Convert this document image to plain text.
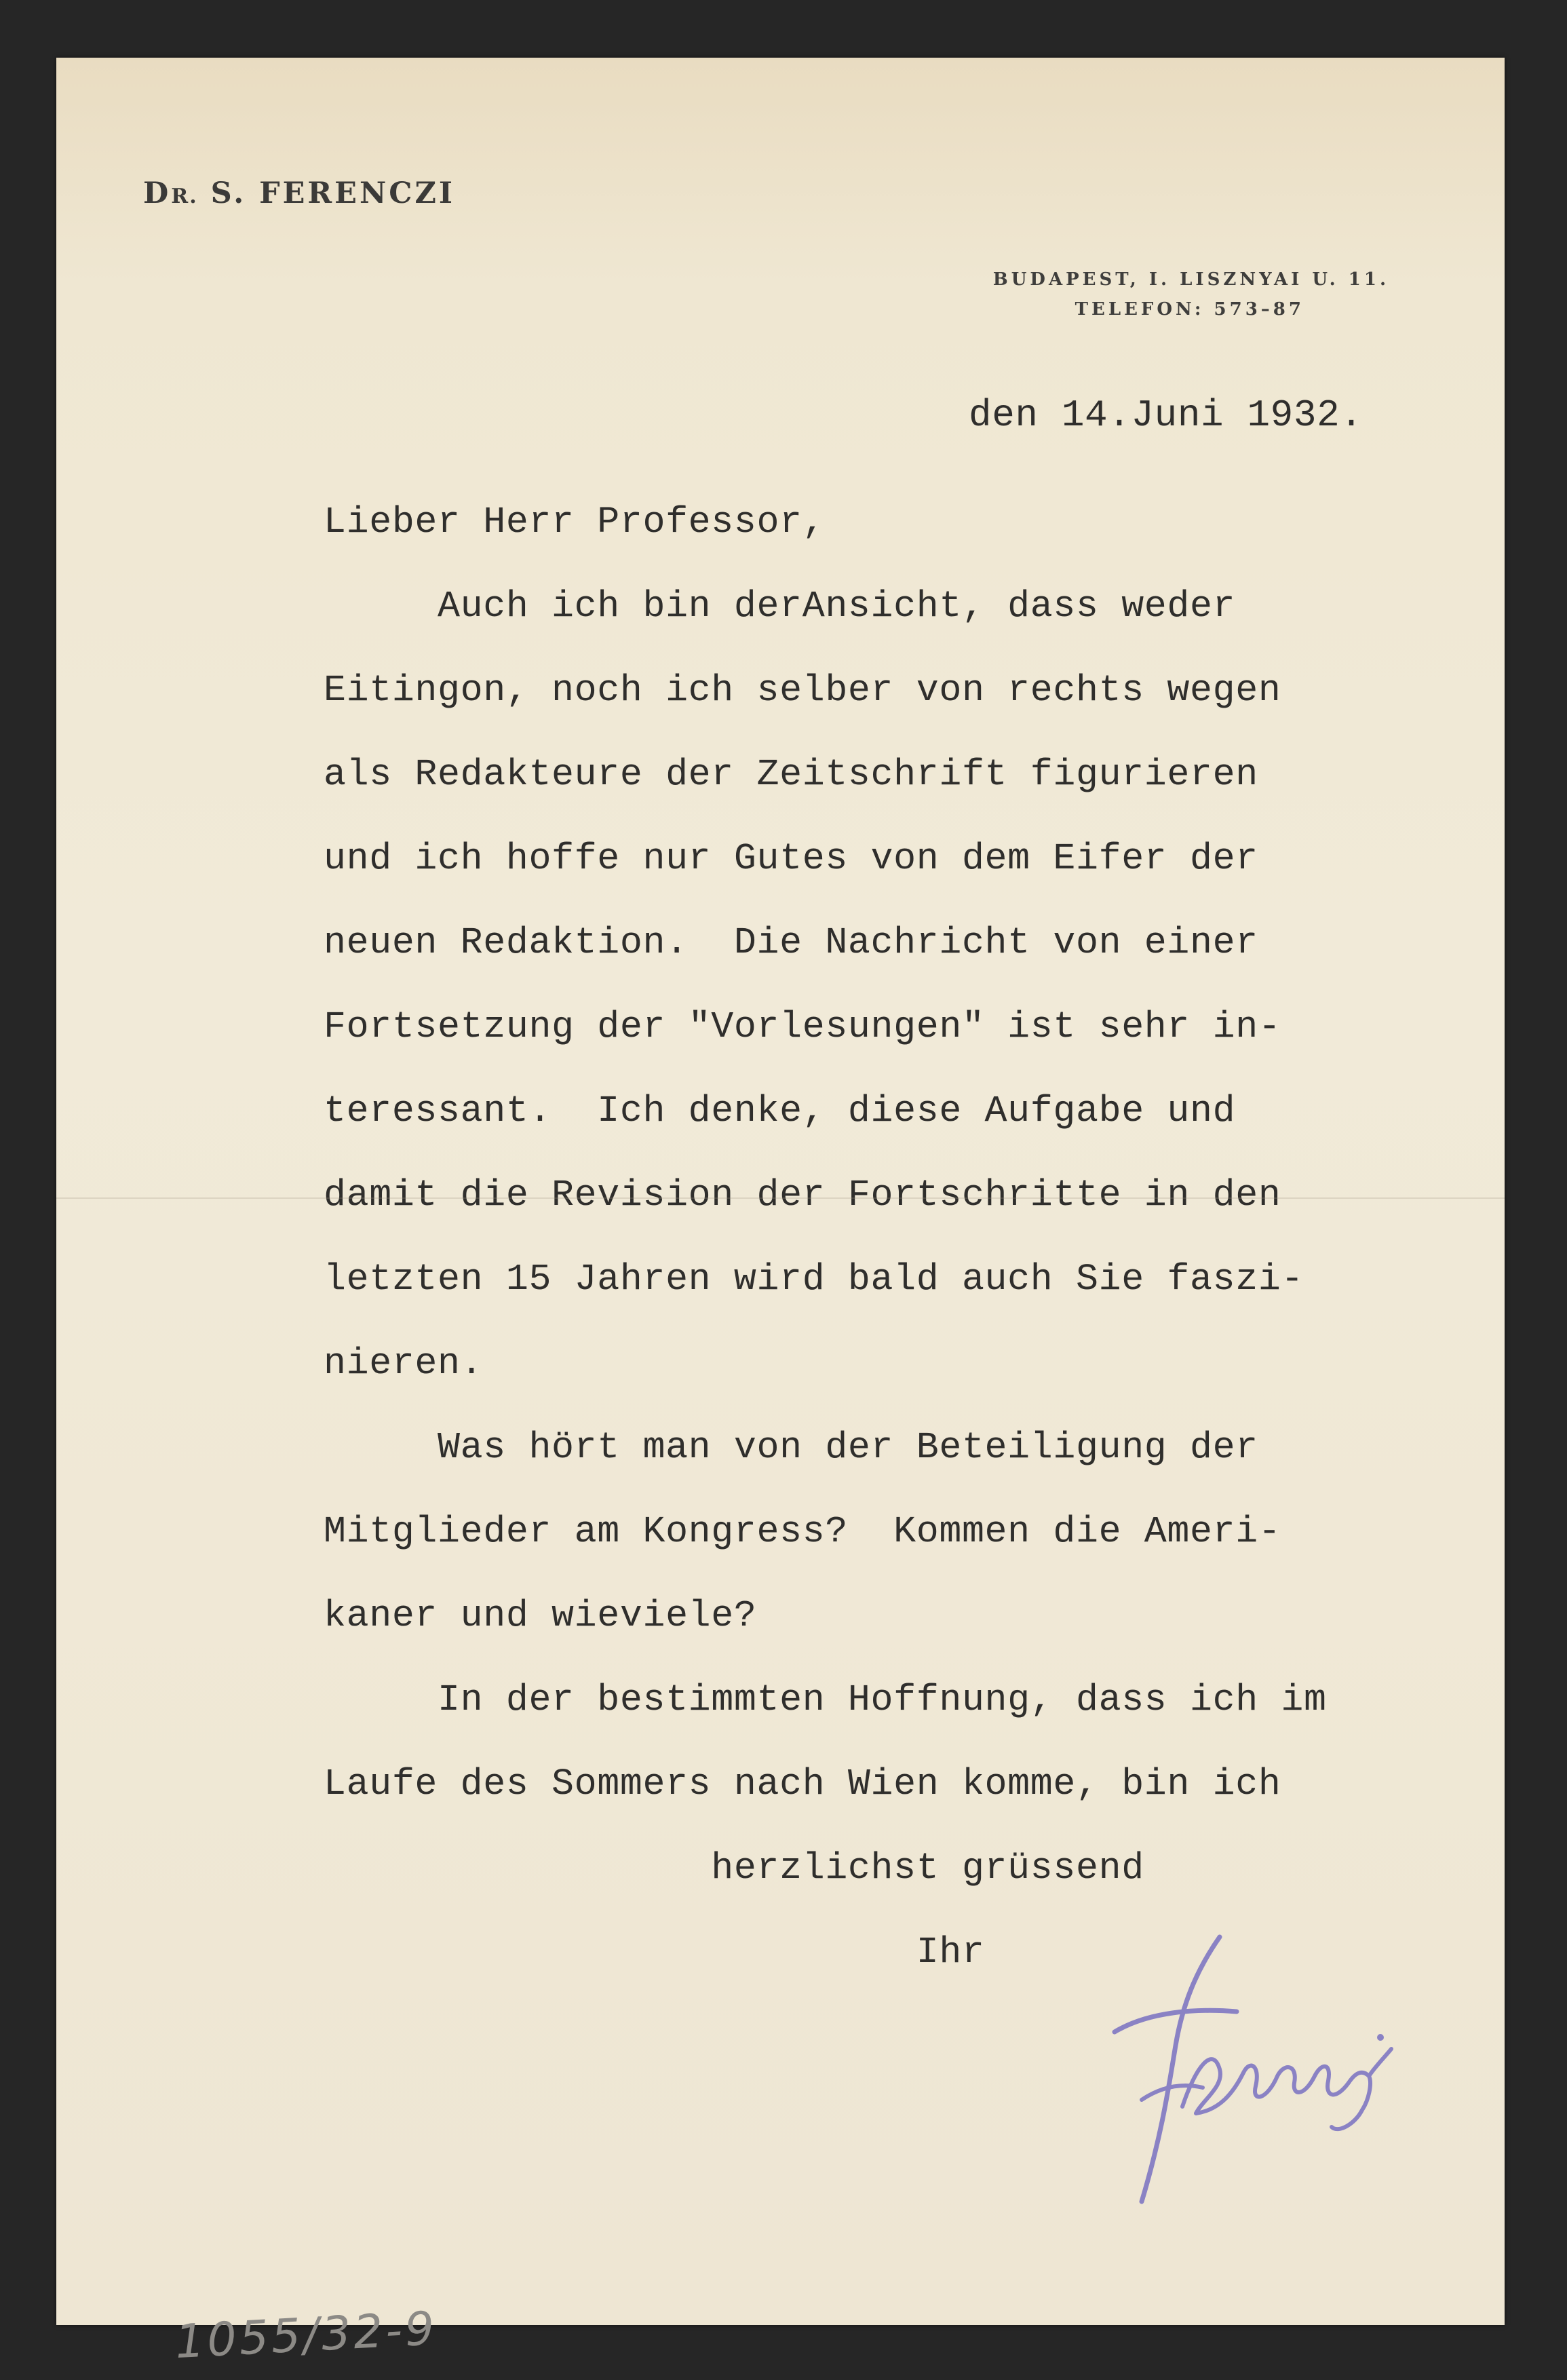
DR. S. FERENCZI
BUDAPEST, I. LISZNYAI U. 11.
TELEFON: 573–87
den 14.Juni 1932.
Lieber Herr Professor,
Auch ich bin derAnsicht, dass weder
Eitingon, noch ich selber von rechts wegen
als Redakteure der Zeitschrift figurieren
und ich hoffe nur Gutes von dem Eifer der
neuen Redaktion.  Die Nachricht von einer
Fortsetzung der "Vorlesungen" ist sehr in-
teressant.  Ich denke, diese Aufgabe und
damit die Revision der Fortschritte in den
letzten 15 Jahren wird bald auch Sie faszi-
nieren.
Was hört man von der Beteiligung der
Mitglieder am Kongress?  Kommen die Ameri-
kaner und wieviele?
In der bestimmten Hoffnung, dass ich im
Laufe des Sommers nach Wien komme, bin ich
herzlichst grüssend
Ihr
1055/32-9
